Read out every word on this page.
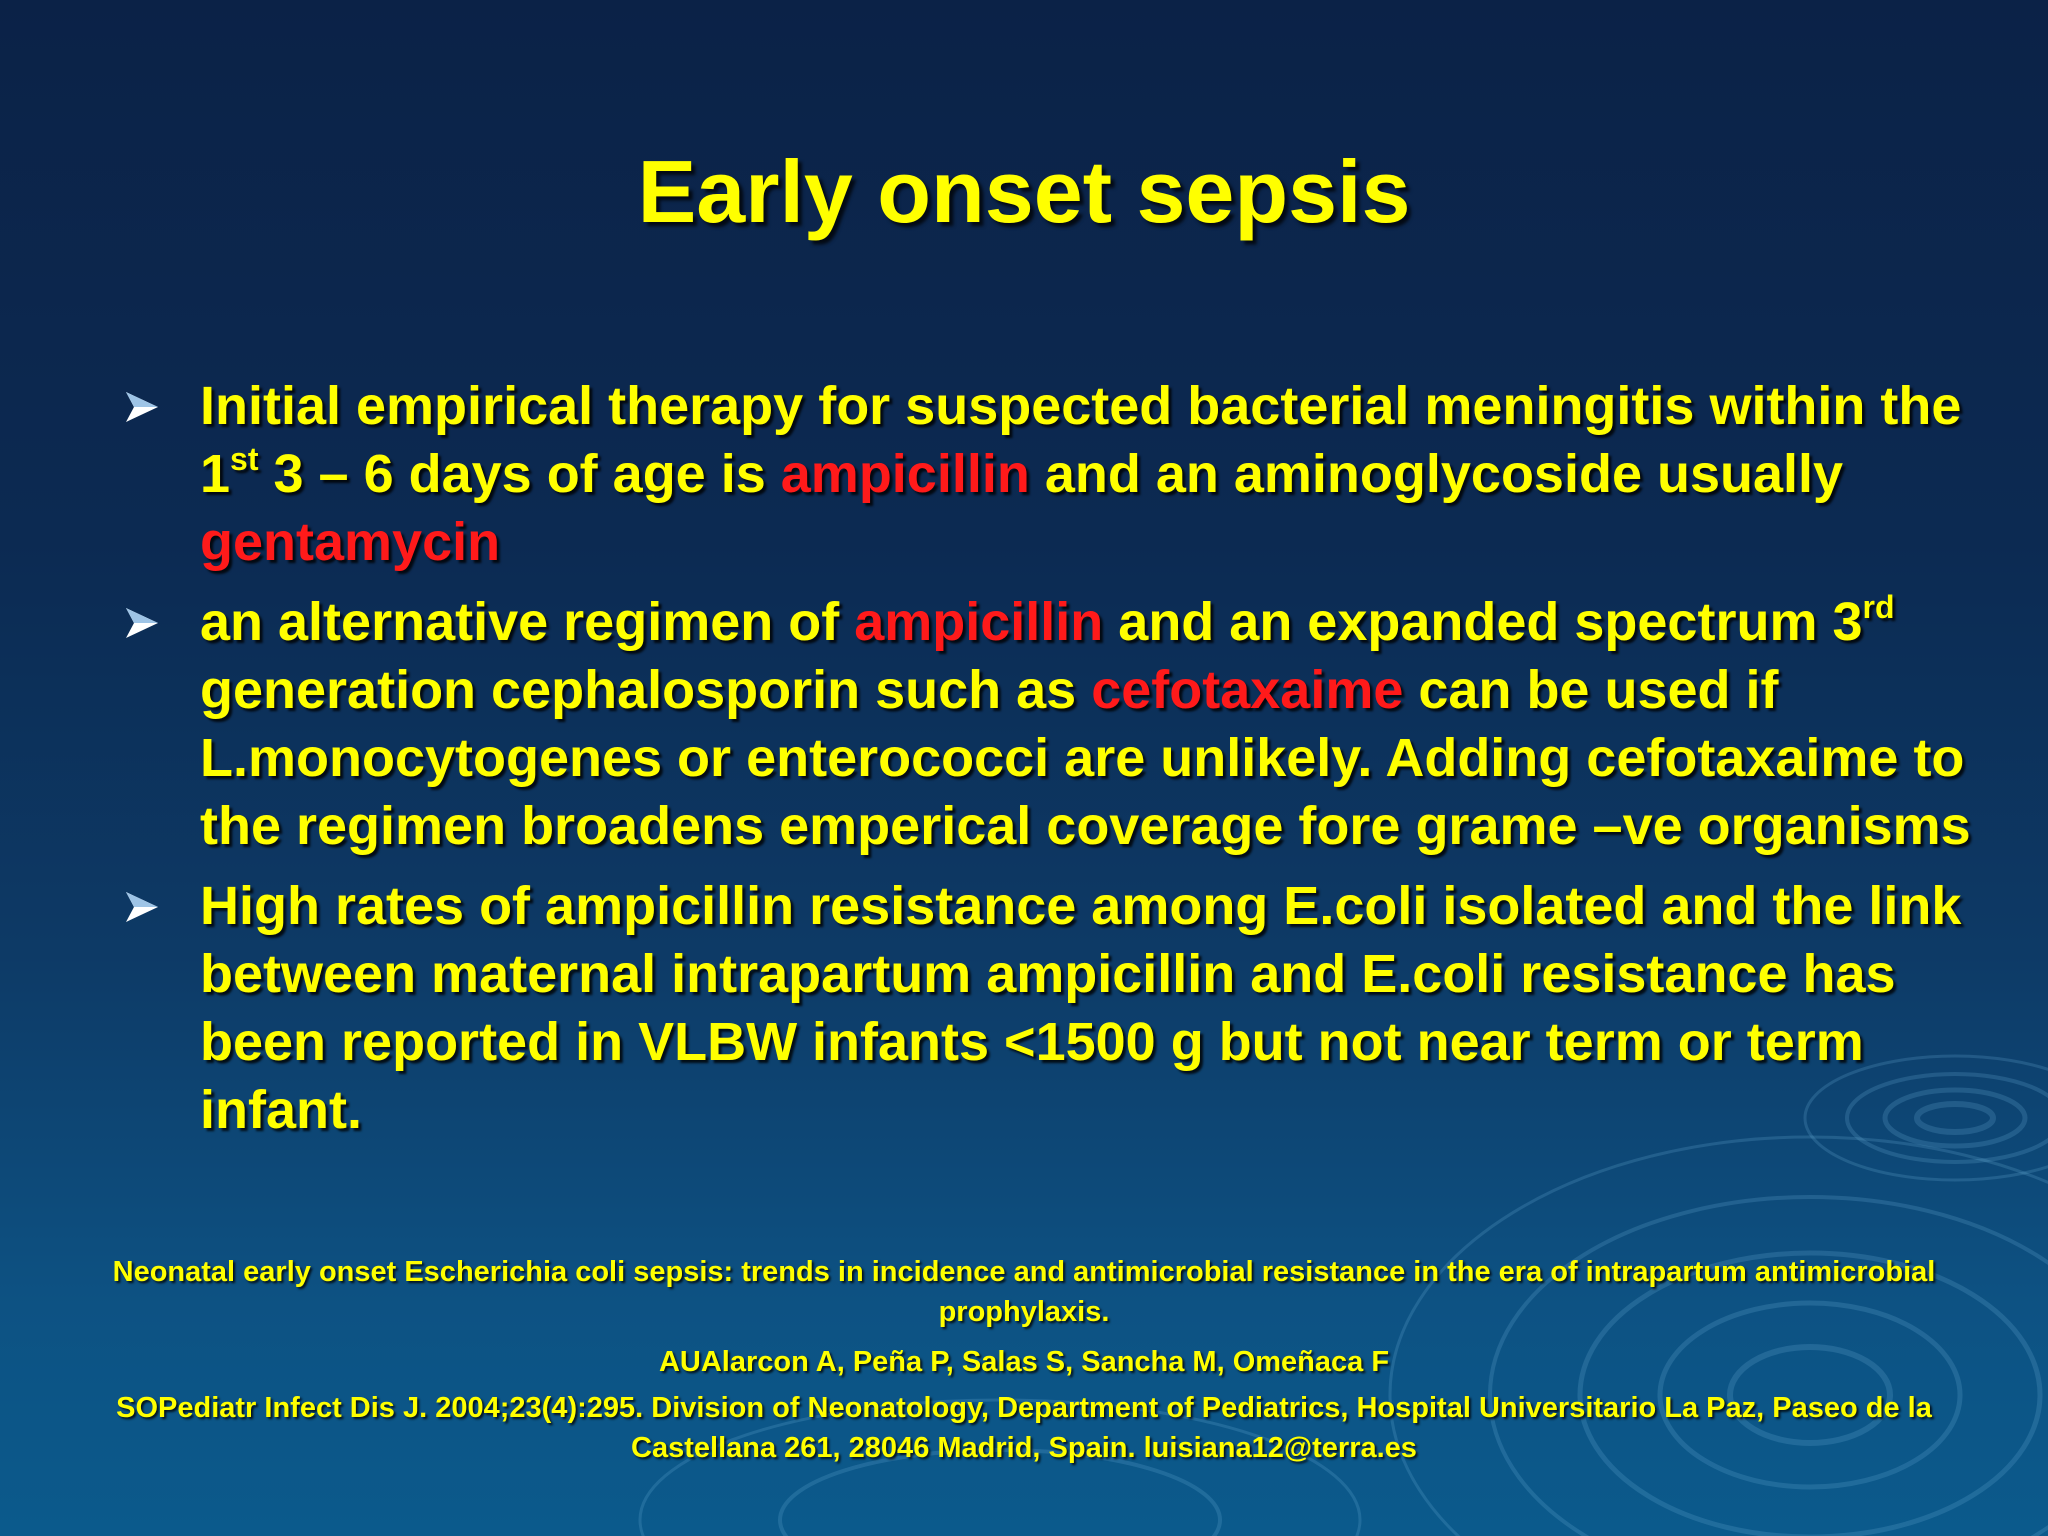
Early onset sepsis
Initial empirical therapy for suspected bacterial meningitis within the 1st 3 – 6 days of age is ampicillin and an aminoglycoside usually gentamycin
an alternative regimen of ampicillin and an expanded spectrum 3rd generation cephalosporin such as cefotaxaime can be used if L.monocytogenes or enterococci are unlikely. Adding cefotaxaime to the regimen broadens emperical coverage fore grame –ve organisms
High rates of ampicillin resistance among E.coli isolated and the link between maternal intrapartum ampicillin and E.coli resistance has been reported in VLBW infants <1500 g but not near term or term infant.

Neonatal early onset Escherichia coli sepsis: trends in incidence and antimicrobial resistance in the era of intrapartum antimicrobial prophylaxis.

AUAlarcon A, Peña P, Salas S, Sancha M, Omeñaca F

SOPediatr Infect Dis J. 2004;23(4):295. Division of Neonatology, Department of Pediatrics, Hospital Universitario La Paz, Paseo de la Castellana 261, 28046 Madrid, Spain. luisiana12@terra.es
